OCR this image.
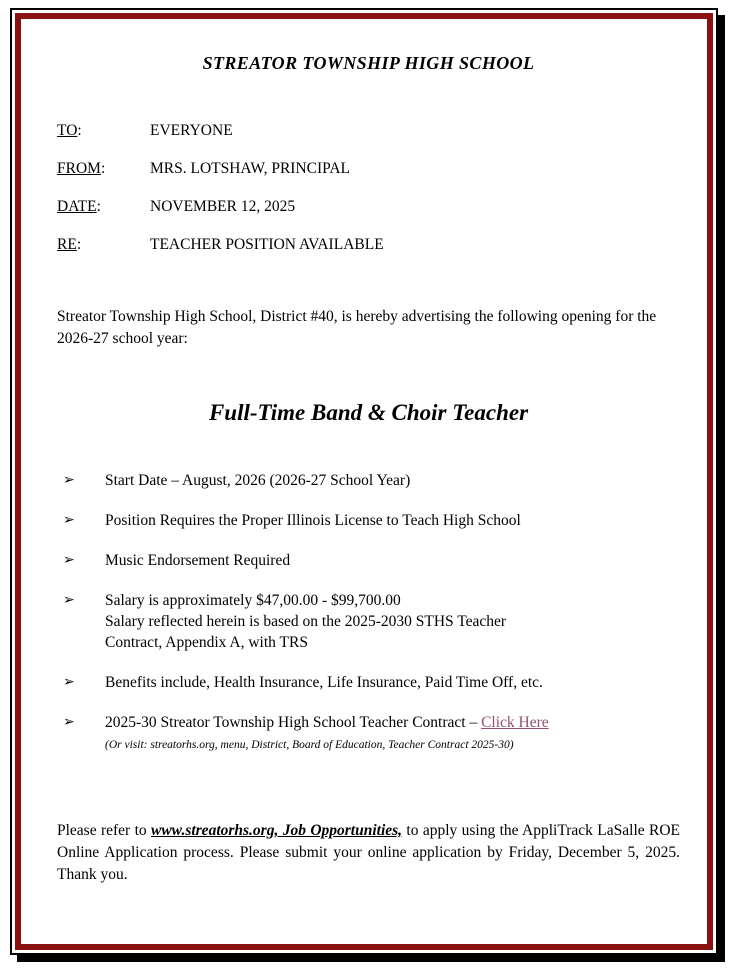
STREATOR TOWNSHIP HIGH SCHOOL
TO:	EVERYONE
FROM:	MRS. LOTSHAW, PRINCIPAL
DATE:	NOVEMBER 12, 2025
RE:	TEACHER POSITION AVAILABLE

Streator Township High School, District #40, is hereby advertising the following opening for the 2026-27 school year:

Full-Time Band & Choir Teacher
➢	Start Date – August, 2026 (2026-27 School Year)
➢	Position Requires the Proper Illinois License to Teach High School
➢	Music Endorsement Required
➢	Salary is approximately $47,00.00 - $99,700.00
Salary reflected herein is based on the 2025-2030 STHS Teacher
Contract, Appendix A, with TRS
➢	Benefits include, Health Insurance, Life Insurance, Paid Time Off, etc.
➢	2025-30 Streator Township High School Teacher Contract – Click Here
(Or visit: streatorhs.org, menu, District, Board of Education, Teacher Contract 2025-30)

Please refer to www.streatorhs.org, Job Opportunities, to apply using the AppliTrack LaSalle ROE Online Application process. Please submit your online application by Friday, December 5, 2025. Thank you.
